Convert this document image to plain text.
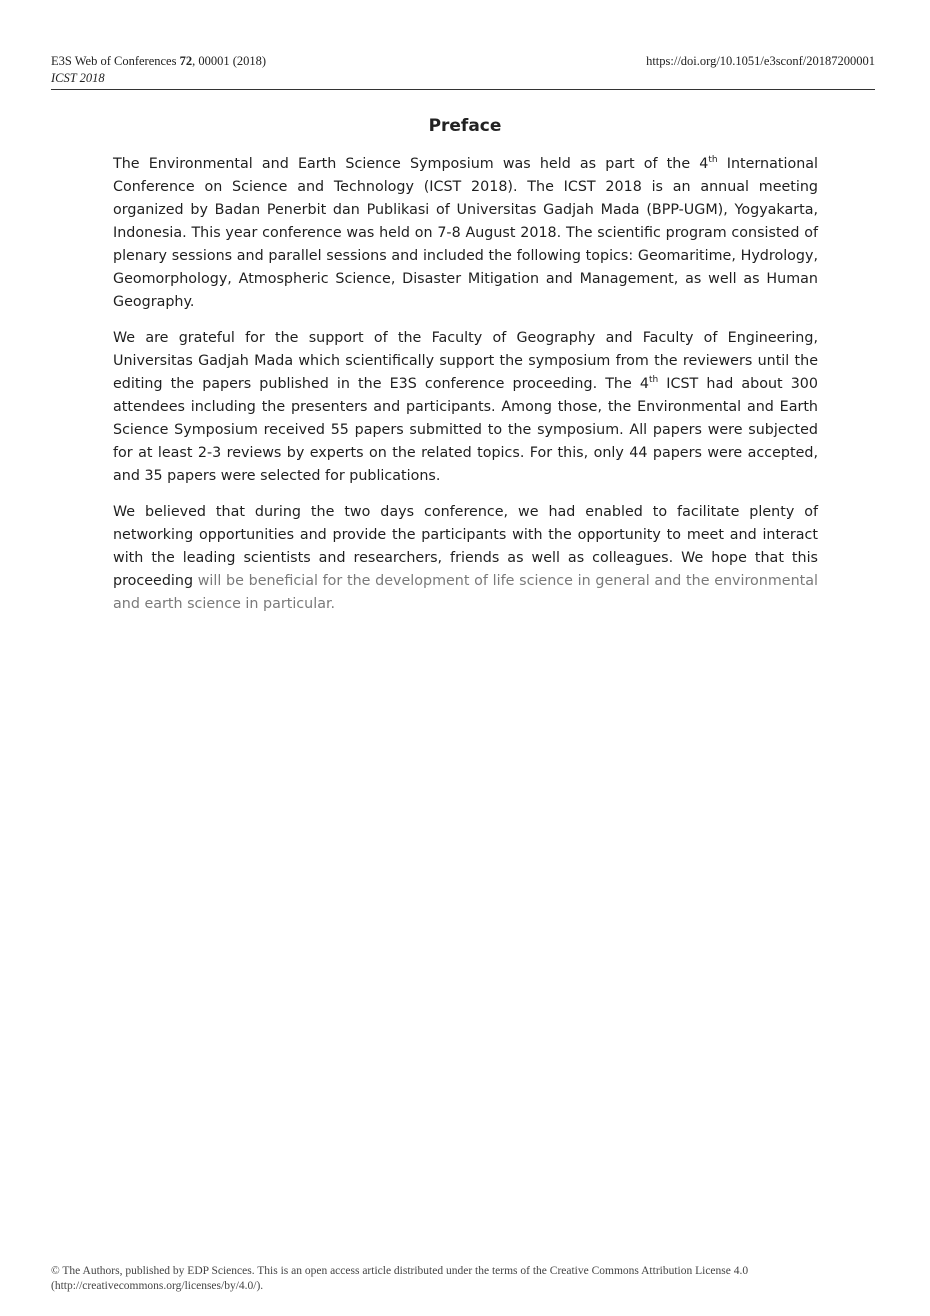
E3S Web of Conferences 72, 00001 (2018)
ICST 2018
https://doi.org/10.1051/e3sconf/20187200001
Preface

The Environmental and Earth Science Symposium was held as part of the 4th International Conference on Science and Technology (ICST 2018). The ICST 2018 is an annual meeting organized by Badan Penerbit dan Publikasi of Universitas Gadjah Mada (BPP-UGM), Yogyakarta, Indonesia. This year conference was held on 7-8 August 2018. The scientific program consisted of plenary sessions and parallel sessions and included the following topics: Geomaritime, Hydrology, Geomorphology, Atmospheric Science, Disaster Mitigation and Management, as well as Human Geography.

We are grateful for the support of the Faculty of Geography and Faculty of Engineering, Universitas Gadjah Mada which scientifically support the symposium from the reviewers until the editing the papers published in the E3S conference proceeding. The 4th ICST had about 300 attendees including the presenters and participants. Among those, the Environmental and Earth Science Symposium received 55 papers submitted to the symposium. All papers were subjected for at least 2-3 reviews by experts on the related topics. For this, only 44 papers were accepted, and 35 papers were selected for publications.

We believed that during the two days conference, we had enabled to facilitate plenty of networking opportunities and provide the participants with the opportunity to meet and interact with the leading scientists and researchers, friends as well as colleagues. We hope that this proceeding will be beneficial for the development of life science in general and the environmental and earth science in particular.

© The Authors, published by EDP Sciences. This is an open access article distributed under the terms of the Creative Commons Attribution License 4.0
(http://creativecommons.org/licenses/by/4.0/).
